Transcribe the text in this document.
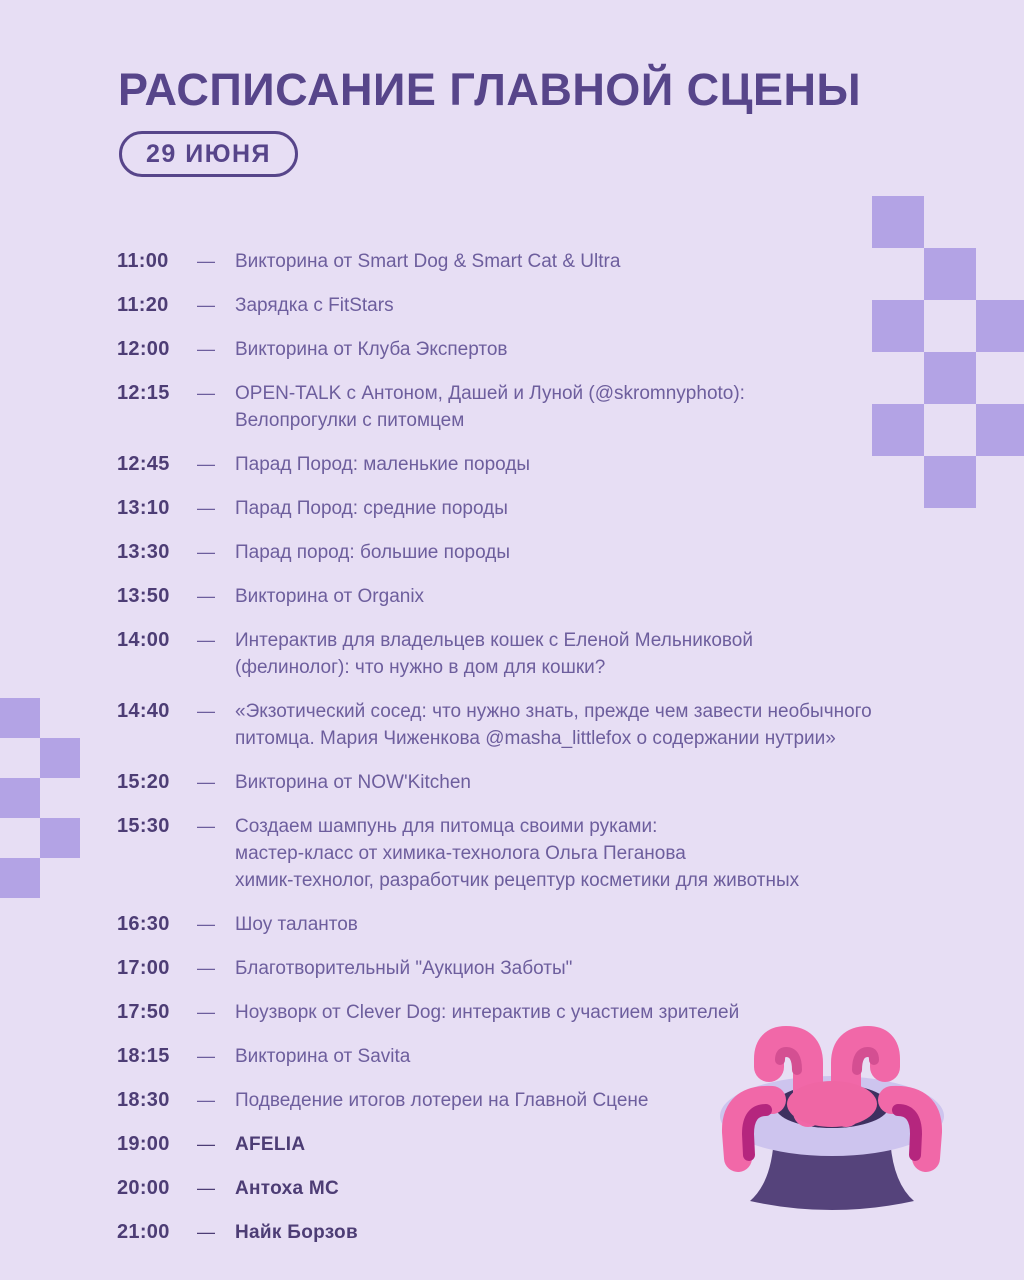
РАСПИСАНИЕ ГЛАВНОЙ СЦЕНЫ
29 ИЮНЯ
11:00	—	Викторина от Smart Dog & Smart Cat & Ultra
11:20	—	Зарядка с FitStars
12:00	—	Викторина от Клуба Экспертов
12:15	—	OPEN-TALK с Антоном, Дашей и Луной (@skromnyphoto):
Велопрогулки с питомцем
12:45	—	Парад Пород: маленькие породы
13:10	—	Парад Пород: средние породы
13:30	—	Парад пород: большие породы
13:50	—	Викторина от Organix
14:00	—	Интерактив для владельцев кошек с Еленой Мельниковой
(фелинолог): что нужно в дом для кошки?
14:40	—	«Экзотический сосед: что нужно знать, прежде чем завести необычного
питомца. Мария Чиженкова @masha_littlefox о содержании нутрии»
15:20	—	Викторина от NOW'Kitchen
15:30	—	Создаем шампунь для питомца своими руками:
мастер-класс от химика-технолога Ольга Пеганова
химик-технолог, разработчик рецептур косметики для животных
16:30	—	Шоу талантов
17:00	—	Благотворительный "Аукцион Заботы"
17:50	—	Ноузворк от Clever Dog: интерактив с участием зрителей
18:15	—	Викторина от Savita
18:30	—	Подведение итогов лотереи на Главной Сцене
19:00	—	AFELIA
20:00	—	Антоха МС
21:00	—	Найк Борзов
